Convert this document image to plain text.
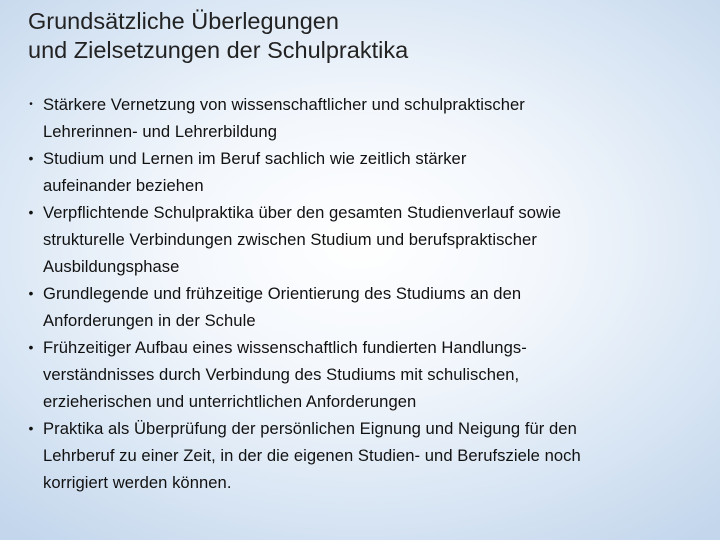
Grundsätzliche Überlegungen
und Zielsetzungen der Schulpraktika
• Stärkere Vernetzung von wissenschaftlicher und schulpraktischer
Lehrerinnen- und Lehrerbildung
• Studium und Lernen im Beruf sachlich wie zeitlich stärker
aufeinander beziehen
• Verpflichtende Schulpraktika über den gesamten Studienverlauf sowie
strukturelle Verbindungen zwischen Studium und berufspraktischer
Ausbildungsphase
• Grundlegende und frühzeitige Orientierung des Studiums an den
Anforderungen in der Schule
• Frühzeitiger Aufbau eines wissenschaftlich fundierten Handlungs-
verständnisses durch Verbindung des Studiums mit schulischen,
erzieherischen und unterrichtlichen Anforderungen
• Praktika als Überprüfung der persönlichen Eignung und Neigung für den
Lehrberuf zu einer Zeit, in der die eigenen Studien- und Berufsziele noch
korrigiert werden können.
